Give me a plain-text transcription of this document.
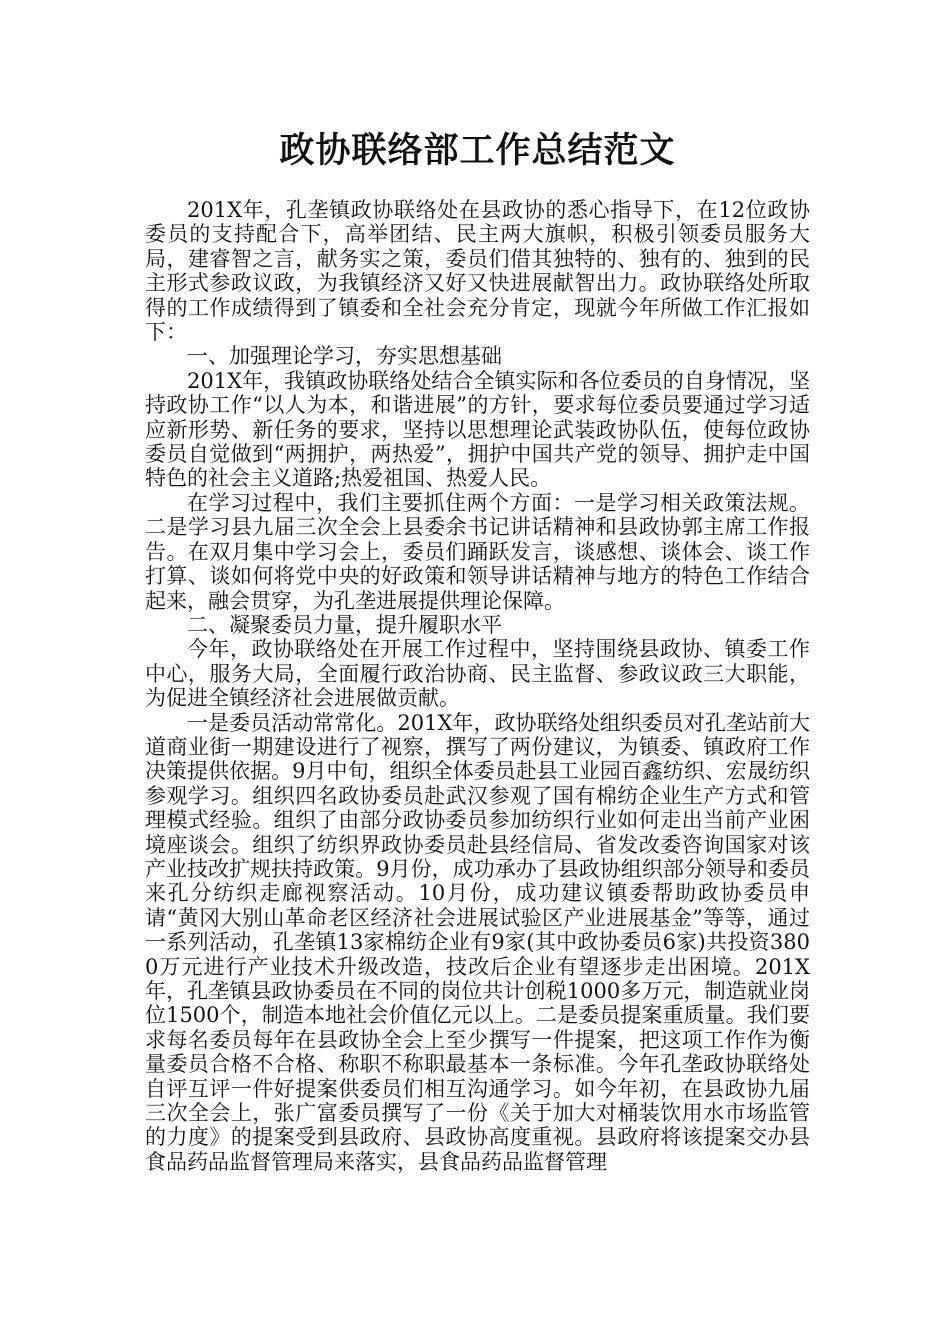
政协联络部工作总结范文

201X年，孔垄镇政协联络处在县政协的悉心指导下，在12位政协委员的支持配合下，高举团结、民主两大旗帜，积极引领委员服务大局，建睿智之言，献务实之策，委员们借其独特的、独有的、独到的民主形式参政议政，为我镇经济又好又快进展献智出力。政协联络处所取得的工作成绩得到了镇委和全社会充分肯定，现就今年所做工作汇报如下：

一、加强理论学习，夯实思想基础

201X年，我镇政协联络处结合全镇实际和各位委员的自身情况，坚持政协工作“以人为本，和谐进展”的方针，要求每位委员要通过学习适应新形势、新任务的要求，坚持以思想理论武装政协队伍，使每位政协委员自觉做到“两拥护，两热爱”，拥护中国共产党的领导、拥护走中国特色的社会主义道路;热爱祖国、热爱人民。

在学习过程中，我们主要抓住两个方面：一是学习相关政策法规。二是学习县九届三次全会上县委余书记讲话精神和县政协郭主席工作报告。在双月集中学习会上，委员们踊跃发言，谈感想、谈体会、谈工作打算、谈如何将党中央的好政策和领导讲话精神与地方的特色工作结合起来，融会贯穿，为孔垄进展提供理论保障。

二、凝聚委员力量，提升履职水平

今年，政协联络处在开展工作过程中，坚持围绕县政协、镇委工作中心，服务大局，全面履行政治协商、民主监督、参政议政三大职能，为促进全镇经济社会进展做贡献。

一是委员活动常常化。201X年，政协联络处组织委员对孔垄站前大道商业街一期建设进行了视察，撰写了两份建议，为镇委、镇政府工作决策提供依据。9月中旬，组织全体委员赴县工业园百鑫纺织、宏晟纺织参观学习。组织四名政协委员赴武汉参观了国有棉纺企业生产方式和管理模式经验。组织了由部分政协委员参加纺织行业如何走出当前产业困境座谈会。组织了纺织界政协委员赴县经信局、省发改委咨询国家对该产业技改扩规扶持政策。9月份，成功承办了县政协组织部分领导和委员来孔分纺织走廊视察活动。10月份，成功建议镇委帮助政协委员申请“黄冈大别山革命老区经济社会进展试验区产业进展基金”等等，通过一系列活动，孔垄镇13家棉纺企业有9家(其中政协委员6家)共投资3800万元进行产业技术升级改造，技改后企业有望逐步走出困境。201X年，孔垄镇县政协委员在不同的岗位共计创税1000多万元，制造就业岗位1500个，制造本地社会价值亿元以上。二是委员提案重质量。我们要求每名委员每年在县政协全会上至少撰写一件提案，把这项工作作为衡量委员合格不合格、称职不称职最基本一条标准。今年孔垄政协联络处自评互评一件好提案供委员们相互沟通学习。如今年初，在县政协九届三次全会上，张广富委员撰写了一份《关于加大对桶装饮用水市场监管的力度》的提案受到县政府、县政协高度重视。县政府将该提案交办县食品药品监督管理局来落实，县食品药品监督管理
